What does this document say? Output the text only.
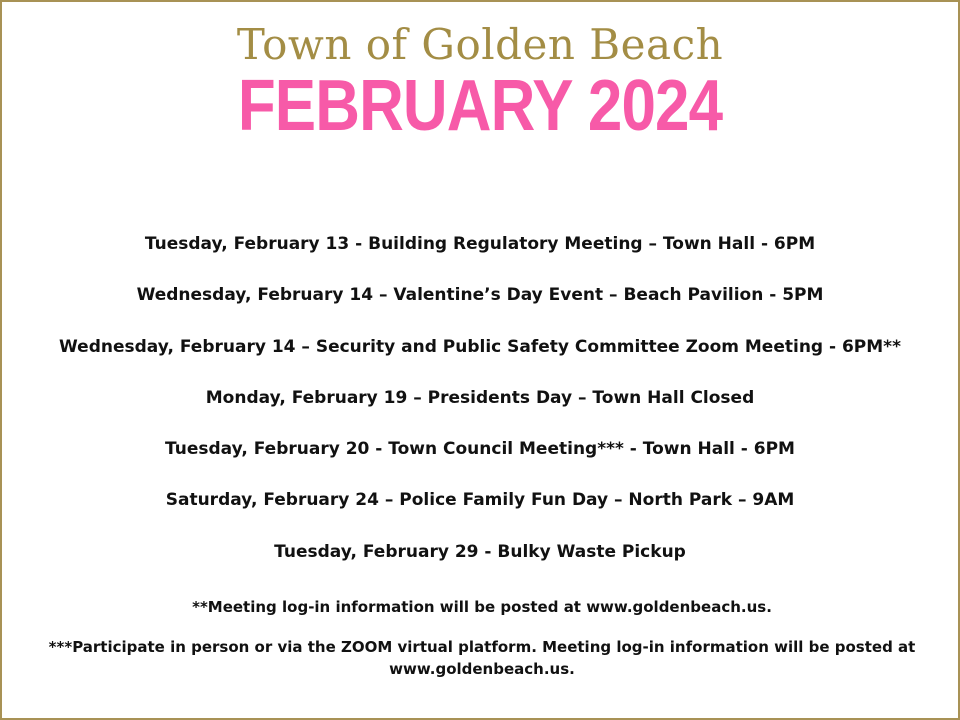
Town of Golden Beach
FEBRUARY 2024
Tuesday, February 13 - Building Regulatory Meeting – Town Hall - 6PM
Wednesday, February 14 – Valentine’s Day Event – Beach Pavilion - 5PM
Wednesday, February 14 – Security and Public Safety Committee Zoom Meeting - 6PM**
Monday, February 19 – Presidents Day – Town Hall Closed
Tuesday, February 20 - Town Council Meeting*** - Town Hall - 6PM
Saturday, February 24 – Police Family Fun Day – North Park – 9AM
Tuesday, February 29 - Bulky Waste Pickup

**Meeting log-in information will be posted at www.goldenbeach.us.

***Participate in person or via the ZOOM virtual platform. Meeting log-in information will be posted at www.goldenbeach.us.
